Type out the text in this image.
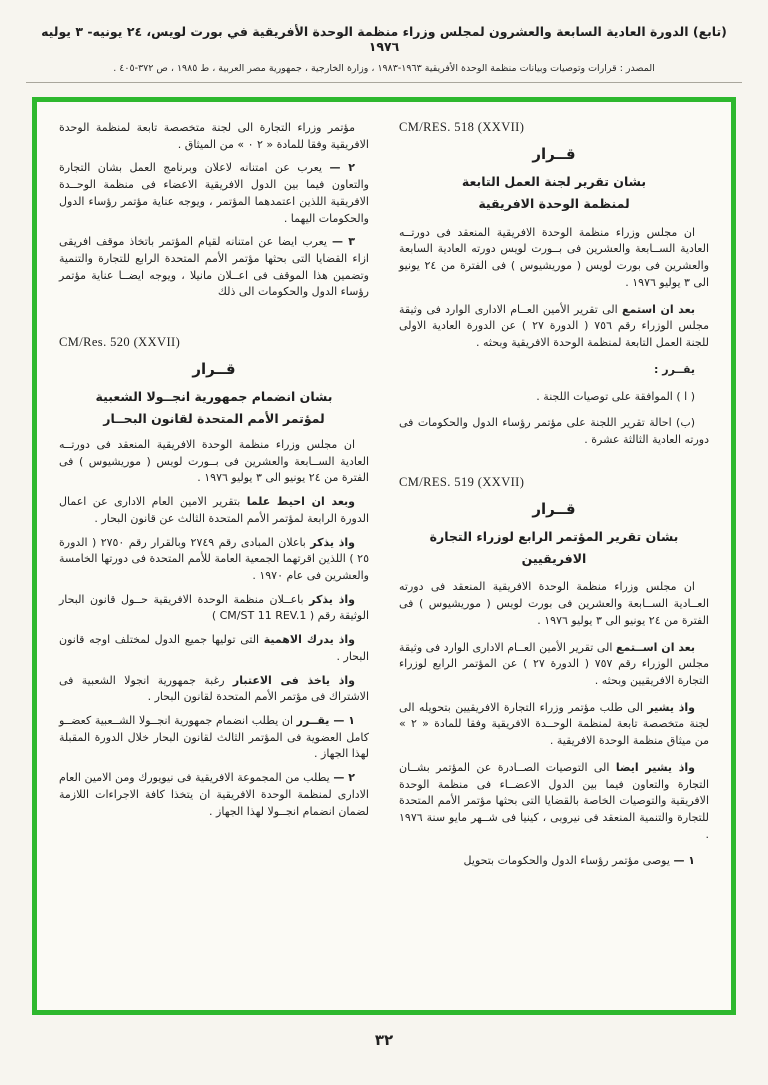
(تابع) الدورة العادية السابعة والعشرون لمجلس وزراء منظمة الوحدة الأفريقية في بورت لويس، ٢٤ يونيه- ٣ يوليه ١٩٧٦
المصدر : قرارات وتوصيات وبيانات منظمة الوحدة الأفريقية ١٩٦٣-١٩٨٣ ، وزارة الخارجية ، جمهورية مصر العربية ، ط ١٩٨٥ ، ص ٣٧٢-٤٠٥ .
CM/RES. 518 (XXVII)
قــرار
بشان تقرير لجنة العمل التابعة
لمنظمة الوحدة الافريقية

ان مجلس وزراء منظمة الوحدة الافريقية المنعقد فى دورتــه العادية الســابعة والعشرين فى بــورت لويس دورته العادية السابعة والعشرين فى بورت لويس ( موريشيوس ) فى الفترة من ٢٤ يونيو الى ٣ يوليو ١٩٧٦ .

بعد ان استمع الى تقرير الأمين العــام الادارى الوارد فى وثيقة مجلس الوزراء رقم ٧٥٦ ( الدورة ٢٧ ) عن الدورة العادية الاولى للجنة العمل التابعة لمنظمة الوحدة الافريقية وبحثه .

يقــرر :

( ا ) الموافقة على توصيات اللجنة .

(ب) احالة تقرير اللجنة على مؤتمر رؤساء الدول والحكومات فى دورته العادية الثالثة عشرة .

CM/RES. 519 (XXVII)
قــرار
بشان تقرير المؤتمر الرابع لوزراء التجارة الافريقيين

ان مجلس وزراء منظمة الوحدة الافريقية المنعقد فى دورته العــادية الســابعة والعشرين فى بورت لويس ( موريشيوس ) فى الفترة من ٢٤ يونيو الى ٣ يوليو ١٩٧٦ .

بعد ان اســتمع الى تقرير الأمين العــام الادارى الوارد فى وثيقة مجلس الوزراء رقم ٧٥٧ ( الدورة ٢٧ ) عن المؤتمر الرابع لوزراء التجارة الافريقيين وبحثه .

واذ يشير الى طلب مؤتمر وزراء التجارة الافريقيين بتحويله الى لجنة متخصصة تابعة لمنظمة الوحــدة الافريقية وفقا للمادة « ٢ » من ميثاق منظمة الوحدة الافريقية .

واذ يشير ايضا الى التوصيات الصــادرة عن المؤتمر بشــان التجارة والتعاون فيما بين الدول الاعضــاء فى منظمة الوحدة الافريقية والتوصيات الخاصة بالقضايا التى بحثها مؤتمر الأمم المتحدة للتجارة والتنمية المنعقد فى نيروبى ، كينيا فى شــهر مايو سنة ١٩٧٦ .

١ — يوصى مؤتمر رؤساء الدول والحكومات بتحويل

مؤتمر وزراء التجارة الى لجنة متخصصة تابعة لمنظمة الوحدة الافريقية وفقا للمادة « ٢ ٠ » من الميثاق .

٢ — يعرب عن امتنانه لاعلان وبرنامج العمل بشان التجارة والتعاون فيما بين الدول الافريقية الاعضاء فى منظمة الوحــدة الافريقية اللذين اعتمدهما المؤتمر ، ويوجه عناية مؤتمر رؤساء الدول والحكومات اليهما .

٣ — يعرب ايضا عن امتنانه لقيام المؤتمر باتخاذ موقف افريقى ازاء القضايا التى بحثها مؤتمر الأمم المتحدة الرابع للتجارة والتنمية وتضمين هذا الموقف فى اعــلان مانيلا ، ويوجه ايضــا عناية مؤتمر رؤساء الدول والحكومات الى ذلك

CM/Res. 520 (XXVII)
قــرار
بشان انضمام جمهورية انجــولا الشعبية
لمؤتمر الأمم المتحدة لقانون البحــار

ان مجلس وزراء منظمة الوحدة الافريقية المنعقد فى دورتــه العادية الســابعة والعشرين فى بــورت لويس ( موريشيوس ) فى الفترة من ٢٤ يونيو الى ٣ يوليو ١٩٧٦ .

وبعد ان احيط علما بتقرير الامين العام الادارى عن اعمال الدورة الرابعة لمؤتمر الأمم المتحدة الثالث عن قانون البحار .

واذ يذكر باعلان المبادى رقم ٢٧٤٩ وبالقرار رقم ٢٧٥٠ ( الدورة ٢٥ ) اللذين اقرتهما الجمعية العامة للأمم المتحدة فى دورتها الخامسة والعشرين فى عام ١٩٧٠ .

واذ يذكر باعــلان منظمة الوحدة الافريقية حــول قانون البحار الوثيقة رقم ( CM/ST 11 REV.1 )

واذ يدرك الاهمية التى توليها جميع الدول لمختلف اوجه قانون البحار .

واذ ياخذ فى الاعتبار رغبة جمهورية انجولا الشعبية فى الاشتراك فى مؤتمر الأمم المتحدة لقانون البحار .

١ — يقــرر ان يطلب انضمام جمهورية انجــولا الشــعبية كعضــو كامل العضوية فى المؤتمر الثالث لقانون البحار خلال الدورة المقبلة لهذا الجهاز .

٢ — يطلب من المجموعة الافريقية فى نيويورك ومن الامين العام الادارى لمنظمة الوحدة الافريقية ان يتخذا كافة الاجراءات اللازمة لضمان انضمام انجــولا لهذا الجهاز .

٣٢
